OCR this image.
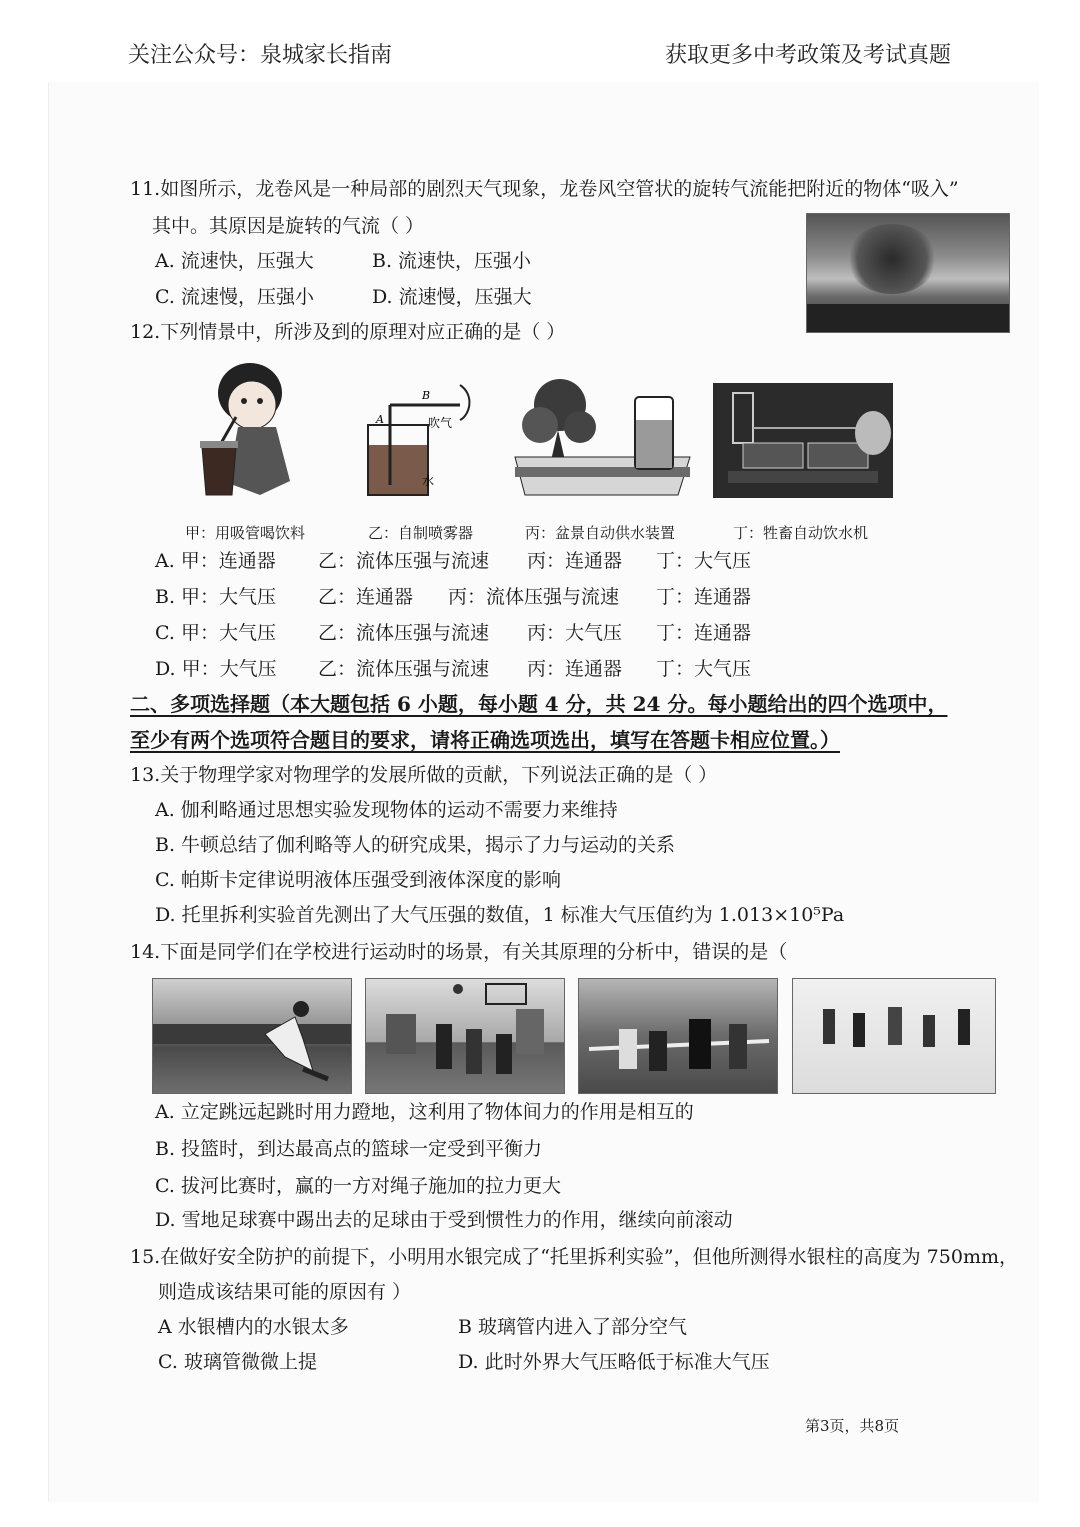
关注公众号：泉城家长指南	获取更多中考政策及考试真题
11.如图所示，龙卷风是一种局部的剧烈天气现象，龙卷风空管状的旋转气流能把附近的物体“吸入”
其中。其原因是旋转的气流（ ）
A. 流速快，压强大	B. 流速快，压强小
C. 流速慢，压强小	D. 流速慢，压强大
12.下列情景中，所涉及到的原理对应正确的是（ ）
B
A	吹气
水
甲：用吸管喝饮料	乙：自制喷雾器	丙：盆景自动供水装置	丁：牲畜自动饮水机
A. 甲：连通器 乙：流体压强与流速 丙：连通器 丁：大气压
B. 甲：大气压 乙：连通器 丙：流体压强与流速 丁：连通器
C. 甲：大气压 乙：流体压强与流速 丙：大气压 丁：连通器
D. 甲：大气压 乙：流体压强与流速 丙：连通器 丁：大气压
二、多项选择题（本大题包括 6 小题，每小题 4 分，共 24 分。每小题给出的四个选项中，
至少有两个选项符合题目的要求，请将正确选项选出，填写在答题卡相应位置。）
13.关于物理学家对物理学的发展所做的贡献，下列说法正确的是（ ）
A. 伽利略通过思想实验发现物体的运动不需要力来维持
B. 牛顿总结了伽利略等人的研究成果，揭示了力与运动的关系
C. 帕斯卡定律说明液体压强受到液体深度的影响
D. 托里拆利实验首先测出了大气压强的数值，1 标准大气压值约为 1.013×10⁵Pa
14.下面是同学们在学校进行运动时的场景，有关其原理的分析中，错误的是（
A. 立定跳远起跳时用力蹬地，这利用了物体间力的作用是相互的
B. 投篮时，到达最高点的篮球一定受到平衡力
C. 拔河比赛时，赢的一方对绳子施加的拉力更大
D. 雪地足球赛中踢出去的足球由于受到惯性力的作用，继续向前滚动
15.在做好安全防护的前提下，小明用水银完成了“托里拆利实验”，但他所测得水银柱的高度为 750mm，
则造成该结果可能的原因有 ）
A 水银槽内的水银太多	B 玻璃管内进入了部分空气
C. 玻璃管微微上提	D. 此时外界大气压略低于标准大气压
第3页，共8页
